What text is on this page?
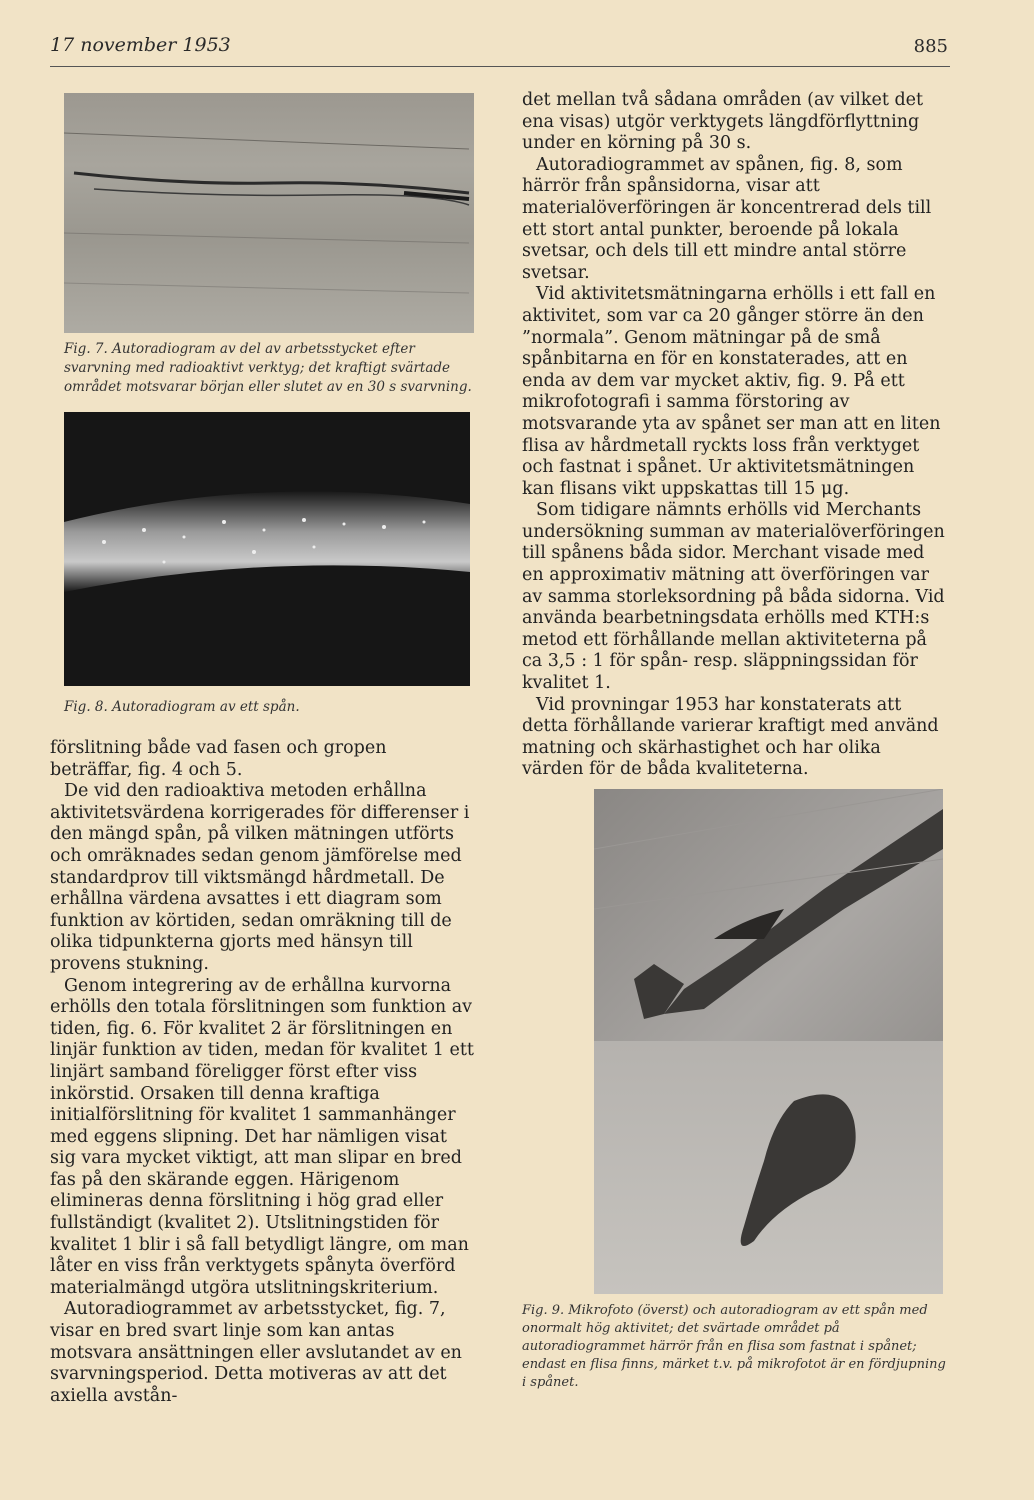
17 november 1953	885
Fig. 7. Autoradiogram av del av arbetsstycket efter svarvning med radioaktivt verktyg; det kraftigt svärtade området motsvarar början eller slutet av en 30 s svarvning.
Fig. 8. Autoradiogram av ett spån.

förslitning både vad fasen och gropen beträffar, fig. 4 och 5.

De vid den radioaktiva metoden erhållna aktivitetsvärdena korrigerades för differenser i den mängd spån, på vilken mätningen utförts och omräknades sedan genom jämförelse med standardprov till viktsmängd hårdmetall. De erhållna värdena avsattes i ett diagram som funktion av körtiden, sedan omräkning till de olika tidpunkterna gjorts med hänsyn till provens stukning.

Genom integrering av de erhållna kurvorna erhölls den totala förslitningen som funktion av tiden, fig. 6. För kvalitet 2 är förslitningen en linjär funktion av tiden, medan för kvalitet 1 ett linjärt samband föreligger först efter viss inkörstid. Orsaken till denna kraftiga initialförslitning för kvalitet 1 sammanhänger med eggens slipning. Det har nämligen visat sig vara mycket viktigt, att man slipar en bred fas på den skärande eggen. Härigenom elimineras denna förslitning i hög grad eller fullständigt (kvalitet 2). Utslitningstiden för kvalitet 1 blir i så fall betydligt längre, om man låter en viss från verktygets spånyta överförd materialmängd utgöra utslitningskriterium.

Autoradiogrammet av arbetsstycket, fig. 7, visar en bred svart linje som kan antas motsvara ansättningen eller avslutandet av en svarvningsperiod. Detta motiveras av att det axiella avstån-

det mellan två sådana områden (av vilket det ena visas) utgör verktygets längdförflyttning under en körning på 30 s.

Autoradiogrammet av spånen, fig. 8, som härrör från spånsidorna, visar att materialöverföringen är koncentrerad dels till ett stort antal punkter, beroende på lokala svetsar, och dels till ett mindre antal större svetsar.

Vid aktivitetsmätningarna erhölls i ett fall en aktivitet, som var ca 20 gånger större än den ”normala”. Genom mätningar på de små spånbitarna en för en konstaterades, att en enda av dem var mycket aktiv, fig. 9. På ett mikrofotografi i samma förstoring av motsvarande yta av spånet ser man att en liten flisa av hårdmetall ryckts loss från verktyget och fastnat i spånet. Ur aktivitetsmätningen kan flisans vikt uppskattas till 15 μg.

Som tidigare nämnts erhölls vid Merchants undersökning summan av materialöverföringen till spånens båda sidor. Merchant visade med en approximativ mätning att överföringen var av samma storleksordning på båda sidorna. Vid använda bearbetningsdata erhölls med KTH:s metod ett förhållande mellan aktiviteterna på ca 3,5 : 1 för spån- resp. släppningssidan för kvalitet 1.

Vid provningar 1953 har konstaterats att detta förhållande varierar kraftigt med använd matning och skärhastighet och har olika värden för de båda kvaliteterna.

Fig. 9. Mikrofoto (överst) och autoradiogram av ett spån med onormalt hög aktivitet; det svärtade området på autoradiogrammet härrör från en flisa som fastnat i spånet; endast en flisa finns, märket t.v. på mikrofotot är en fördjupning i spånet.
